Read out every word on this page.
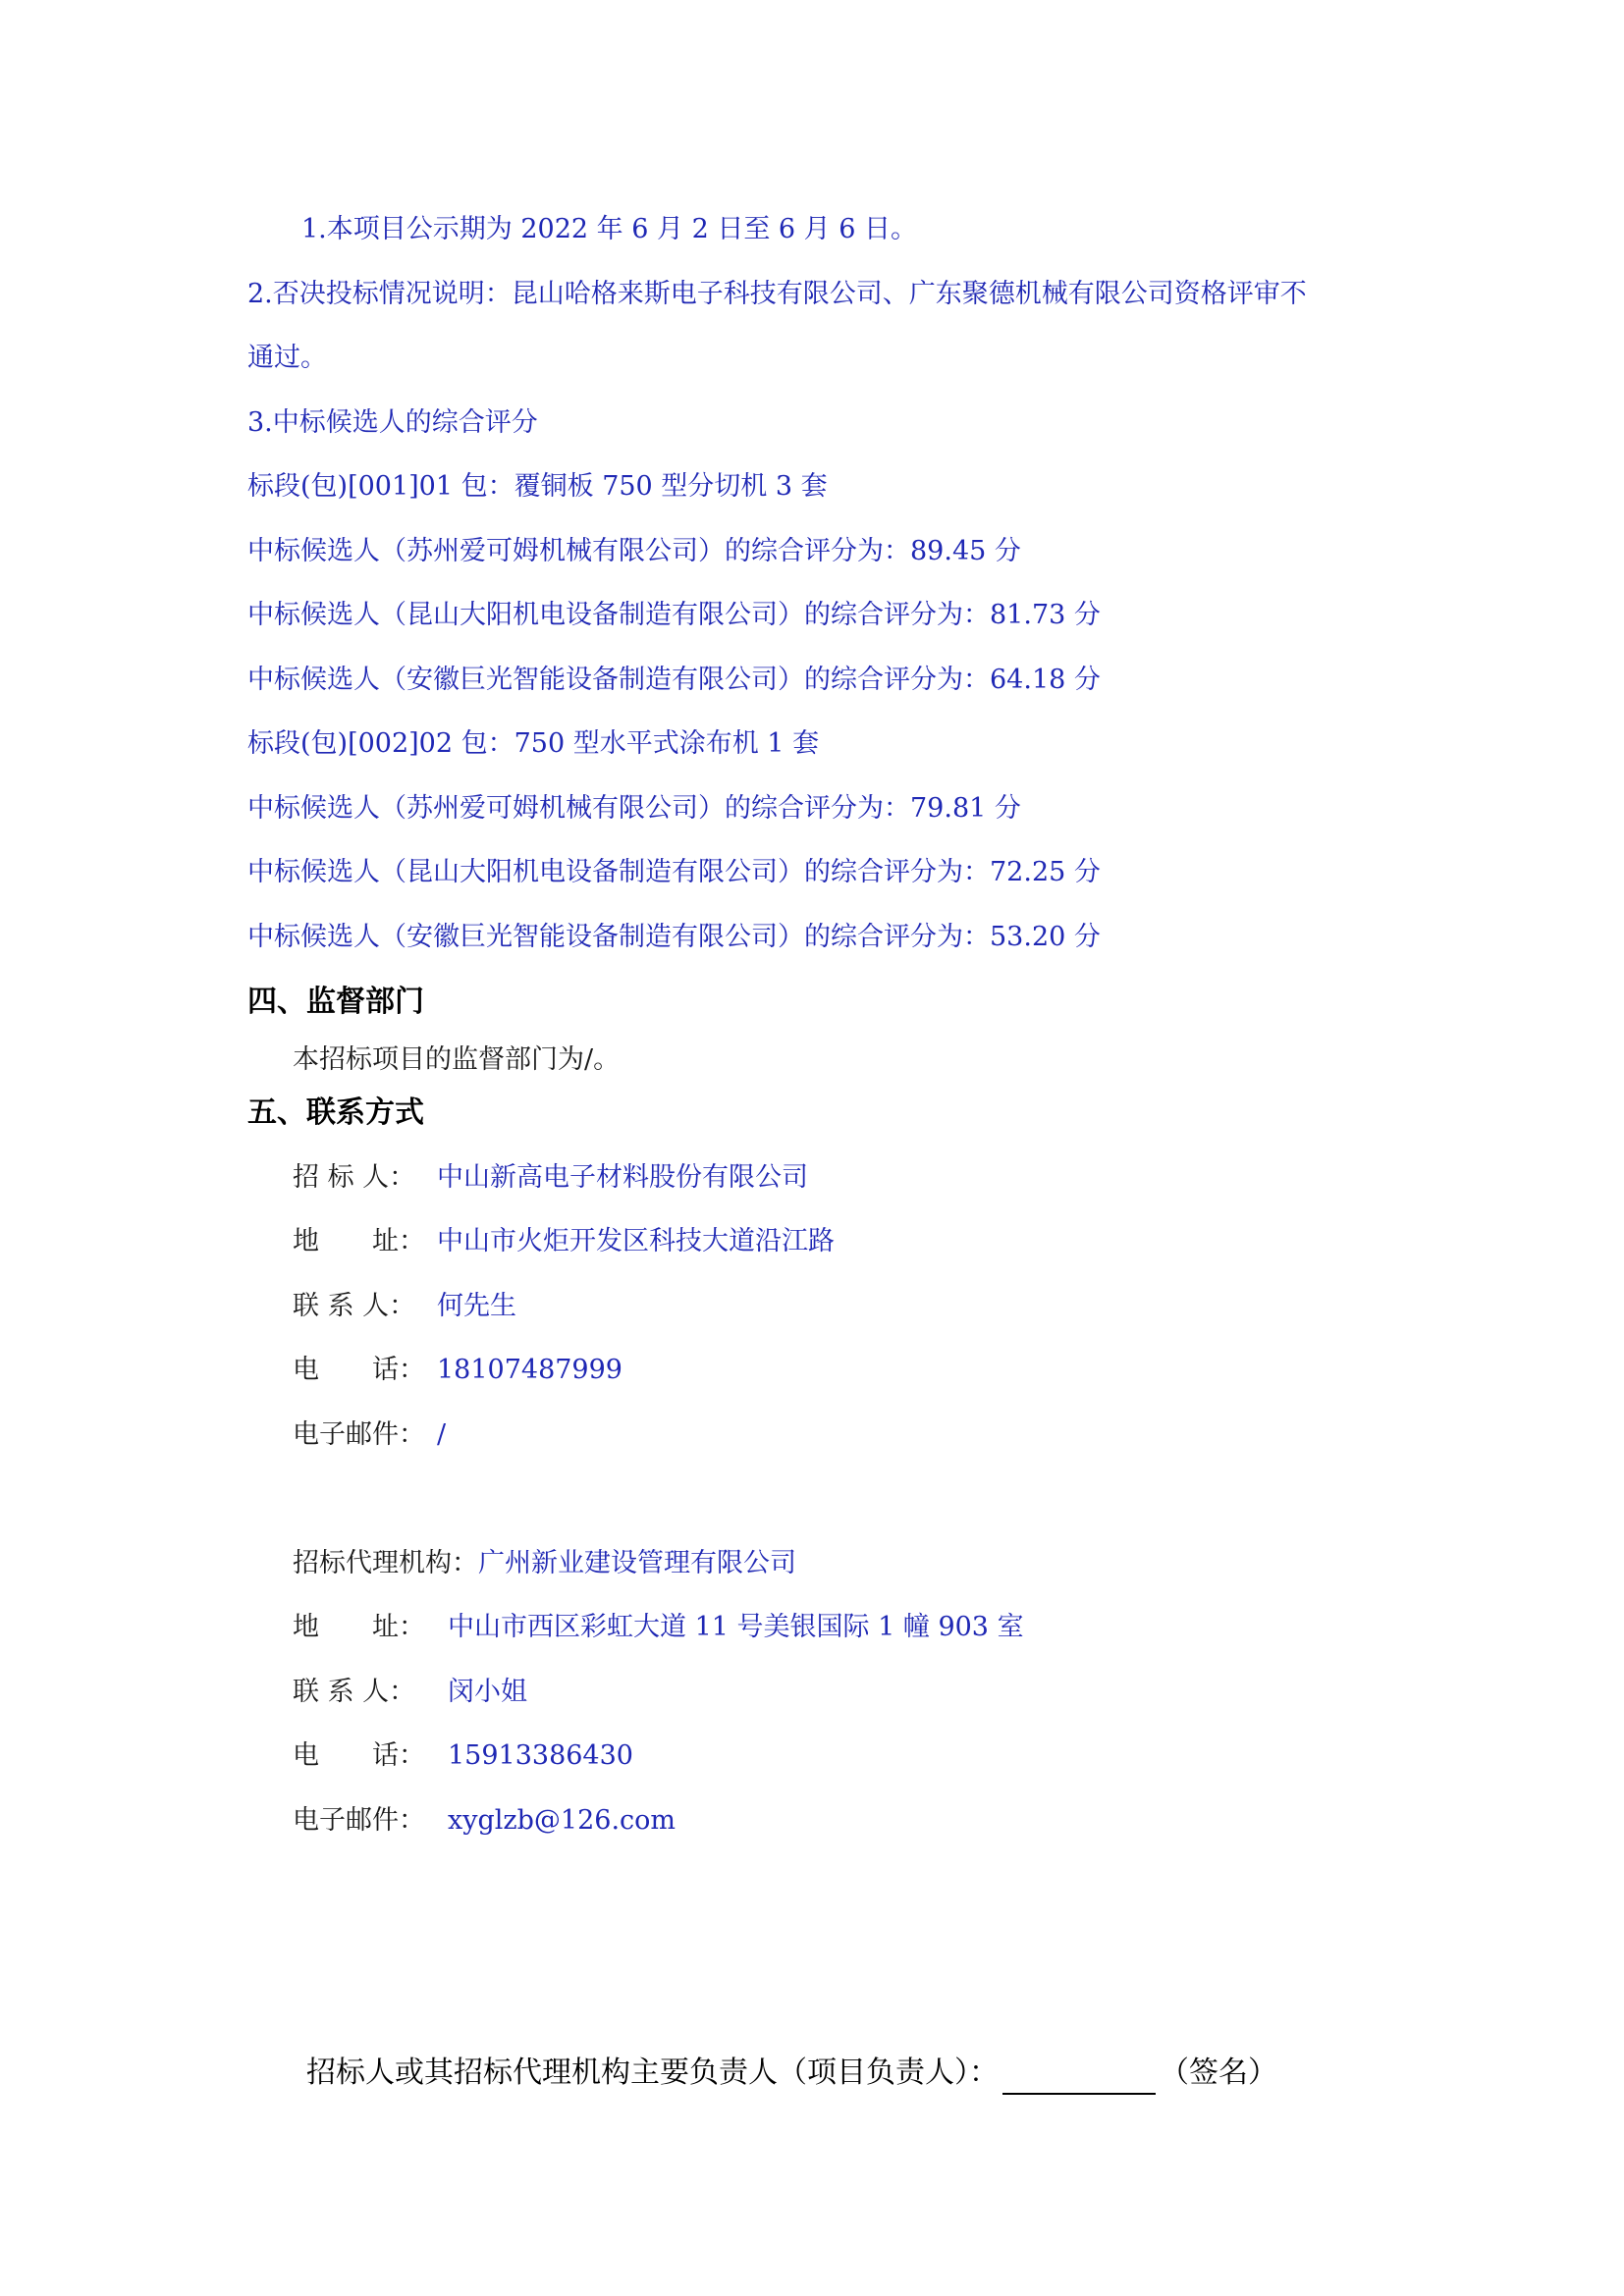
1.本项目公示期为 2022 年 6 月 2 日至 6 月 6 日。
2.否决投标情况说明：昆山哈格来斯电子科技有限公司、广东聚德机械有限公司资格评审不
通过。
3.中标候选人的综合评分
标段(包)[001]01 包：覆铜板 750 型分切机 3 套
中标候选人（苏州爱可姆机械有限公司）的综合评分为：89.45 分
中标候选人（昆山大阳机电设备制造有限公司）的综合评分为：81.73 分
中标候选人（安徽巨光智能设备制造有限公司）的综合评分为：64.18 分
标段(包)[002]02 包：750 型水平式涂布机 1 套
中标候选人（苏州爱可姆机械有限公司）的综合评分为：79.81 分
中标候选人（昆山大阳机电设备制造有限公司）的综合评分为：72.25 分
中标候选人（安徽巨光智能设备制造有限公司）的综合评分为：53.20 分
四、监督部门
本招标项目的监督部门为/。
五、联系方式
招 标 人： 中山新高电子材料股份有限公司
地　　址： 中山市火炬开发区科技大道沿江路
联 系 人： 何先生
电　　话： 18107487999
电子邮件： /
招标代理机构：广州新业建设管理有限公司
地　　址： 中山市西区彩虹大道 11 号美银国际 1 幢 903 室
联 系 人： 闵小姐
电　　话： 15913386430
电子邮件： xyglzb@126.com
招标人或其招标代理机构主要负责人（项目负责人）：	（签名）
